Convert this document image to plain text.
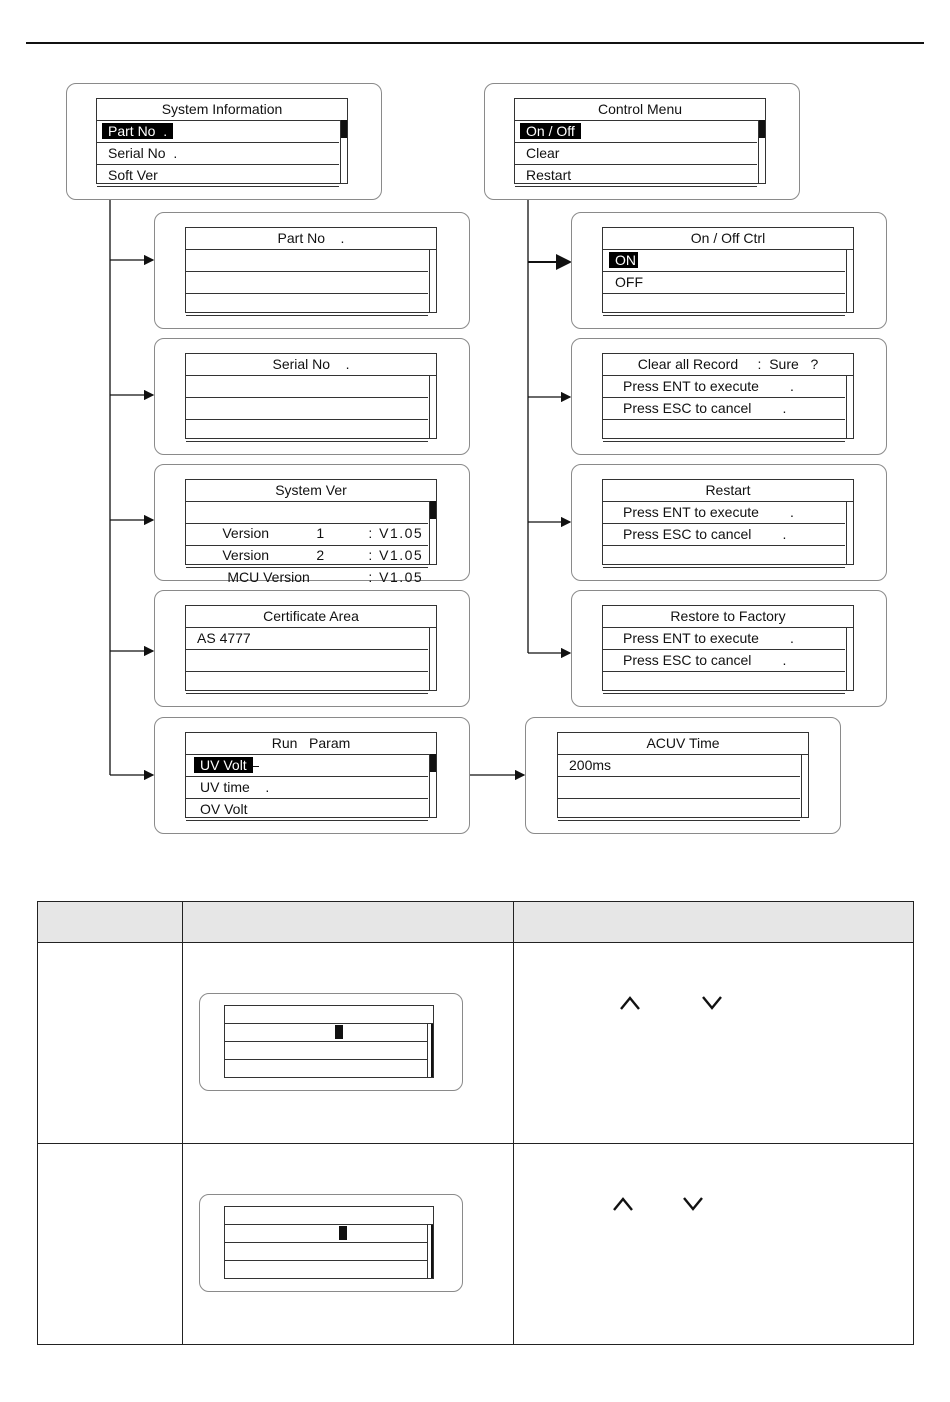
System Information
Part No  .
Serial No  .
Soft Ver
Control Menu
On / Off
Clear
Restart
Part No    .
Serial No    .
System Ver

Version	1	: V1.05

Version	2	: V1.05

MCU Version	: V1.05

Certificate Area
AS 4777
Run   Param
UV Volt
UV time    .
OV Volt
ACUV Time
200ms
On / Off Ctrl
ON
OFF
Clear all Record     :  Sure   ?
Press ENT to execute        .
Press ESC to cancel        .
Restart
Press ENT to execute        .
Press ESC to cancel        .
Restore to Factory
Press ENT to execute        .
Press ESC to cancel        .
